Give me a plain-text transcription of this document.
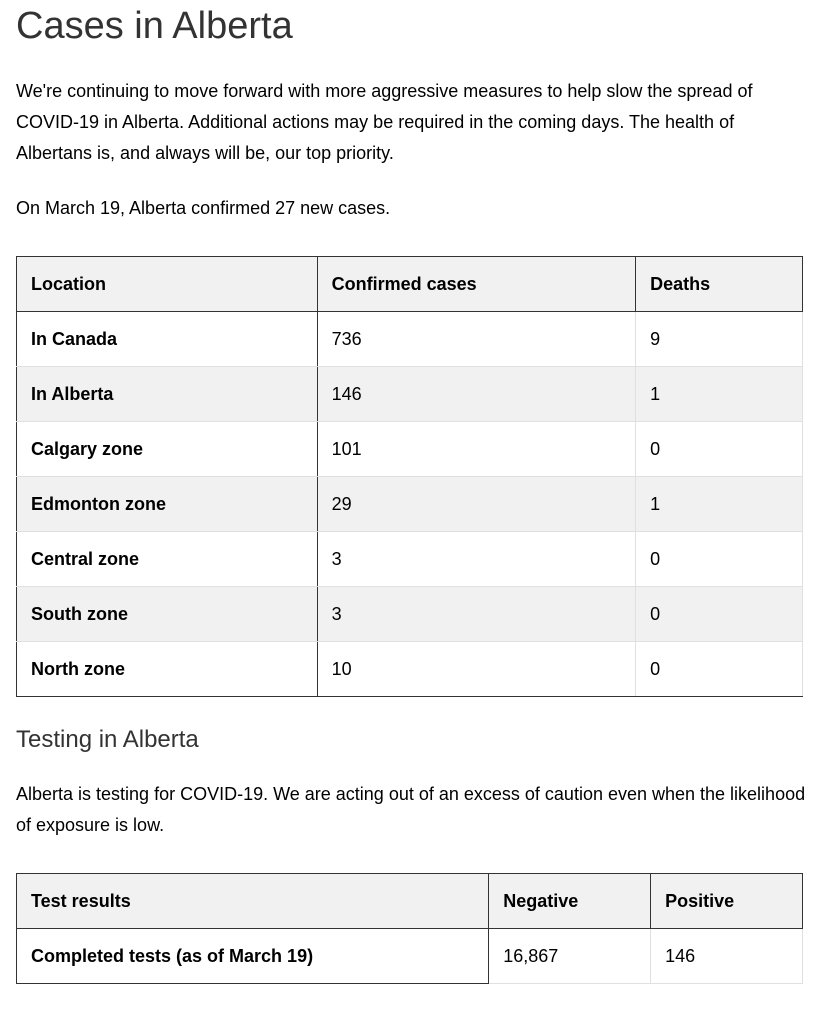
Cases in Alberta

We're continuing to move forward with more aggressive measures to help slow the spread of COVID-19 in Alberta. Additional actions may be required in the coming days. The health of Albertans is, and always will be, our top priority.

On March 19, Alberta confirmed 27 new cases.

Location	Confirmed cases	Deaths
In Canada	736	9
In Alberta	146	1
Calgary zone	101	0
Edmonton zone	29	1
Central zone	3	0
South zone	3	0
North zone	10	0
Testing in Alberta

Alberta is testing for COVID-19. We are acting out of an excess of caution even when the likelihood of exposure is low.

Test results	Negative	Positive
Completed tests (as of March 19)	16,867	146
